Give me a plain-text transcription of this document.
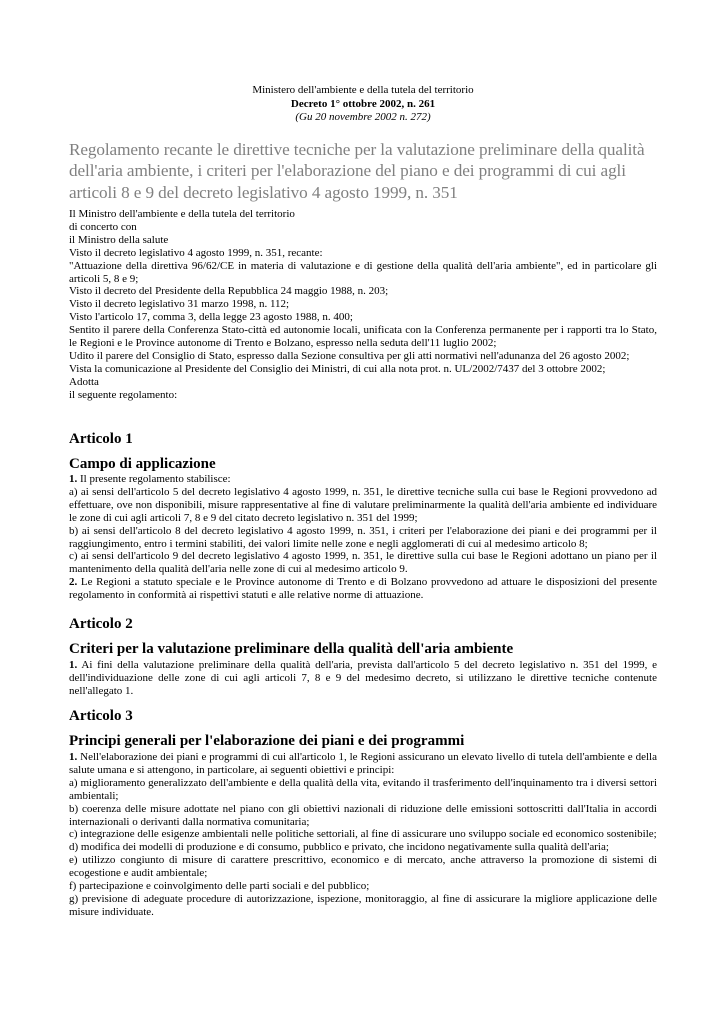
Ministero dell'ambiente e della tutela del territorio
Decreto 1° ottobre 2002, n. 261
(Gu 20 novembre 2002 n. 272)
Regolamento recante le direttive tecniche per la valutazione preliminare della qualità dell'aria ambiente, i criteri per l'elaborazione del piano e dei programmi di cui agli articoli 8 e 9 del decreto legislativo 4 agosto 1999, n. 351

Il Ministro dell'ambiente e della tutela del territorio

di concerto con

il Ministro della salute

Visto il decreto legislativo 4 agosto 1999, n. 351, recante:

"Attuazione della direttiva 96/62/CE in materia di valutazione e di gestione della qualità dell'aria ambiente", ed in particolare gli articoli 5, 8 e 9;

Visto il decreto del Presidente della Repubblica 24 maggio 1988, n. 203;

Visto il decreto legislativo 31 marzo 1998, n. 112;

Visto l'articolo 17, comma 3, della legge 23 agosto 1988, n. 400;

Sentito il parere della Conferenza Stato-città ed autonomie locali, unificata con la Conferenza permanente per i rapporti tra lo Stato, le Regioni e le Province autonome di Trento e Bolzano, espresso nella seduta dell'11 luglio 2002;

Udito il parere del Consiglio di Stato, espresso dalla Sezione consultiva per gli atti normativi nell'adunanza del 26 agosto 2002;

Vista la comunicazione al Presidente del Consiglio dei Ministri, di cui alla nota prot. n. UL/2002/7437 del 3 ottobre 2002;

Adotta

il seguente regolamento:

Articolo 1
Campo di applicazione

1. Il presente regolamento stabilisce:

a) ai sensi dell'articolo 5 del decreto legislativo 4 agosto 1999, n. 351, le direttive tecniche sulla cui base le Regioni provvedono ad effettuare, ove non disponibili, misure rappresentative al fine di valutare preliminarmente la qualità dell'aria ambiente ed individuare le zone di cui agli articoli 7, 8 e 9 del citato decreto legislativo n. 351 del 1999;

b) ai sensi dell'articolo 8 del decreto legislativo 4 agosto 1999, n. 351, i criteri per l'elaborazione dei piani e dei programmi per il raggiungimento, entro i termini stabiliti, dei valori limite nelle zone e negli agglomerati di cui al medesimo articolo 8;

c) ai sensi dell'articolo 9 del decreto legislativo 4 agosto 1999, n. 351, le direttive sulla cui base le Regioni adottano un piano per il mantenimento della qualità dell'aria nelle zone di cui al medesimo articolo 9.

2. Le Regioni a statuto speciale e le Province autonome di Trento e di Bolzano provvedono ad attuare le disposizioni del presente regolamento in conformità ai rispettivi statuti e alle relative norme di attuazione.

Articolo 2
Criteri per la valutazione preliminare della qualità dell'aria ambiente

1. Ai fini della valutazione preliminare della qualità dell'aria, prevista dall'articolo 5 del decreto legislativo n. 351 del 1999, e dell'individuazione delle zone di cui agli articoli 7, 8 e 9 del medesimo decreto, si utilizzano le direttive tecniche contenute nell'allegato 1.

Articolo 3
Principi generali per l'elaborazione dei piani e dei programmi

1. Nell'elaborazione dei piani e programmi di cui all'articolo 1, le Regioni assicurano un elevato livello di tutela dell'ambiente e della salute umana e si attengono, in particolare, ai seguenti obiettivi e principi:

a) miglioramento generalizzato dell'ambiente e della qualità della vita, evitando il trasferimento dell'inquinamento tra i diversi settori ambientali;

b) coerenza delle misure adottate nel piano con gli obiettivi nazionali di riduzione delle emissioni sottoscritti dall'Italia in accordi internazionali o derivanti dalla normativa comunitaria;

c) integrazione delle esigenze ambientali nelle politiche settoriali, al fine di assicurare uno sviluppo sociale ed economico sostenibile;

d) modifica dei modelli di produzione e di consumo, pubblico e privato, che incidono negativamente sulla qualità dell'aria;

e) utilizzo congiunto di misure di carattere prescrittivo, economico e di mercato, anche attraverso la promozione di sistemi di ecogestione e audit ambientale;

f) partecipazione e coinvolgimento delle parti sociali e del pubblico;

g) previsione di adeguate procedure di autorizzazione, ispezione, monitoraggio, al fine di assicurare la migliore applicazione delle misure individuate.
